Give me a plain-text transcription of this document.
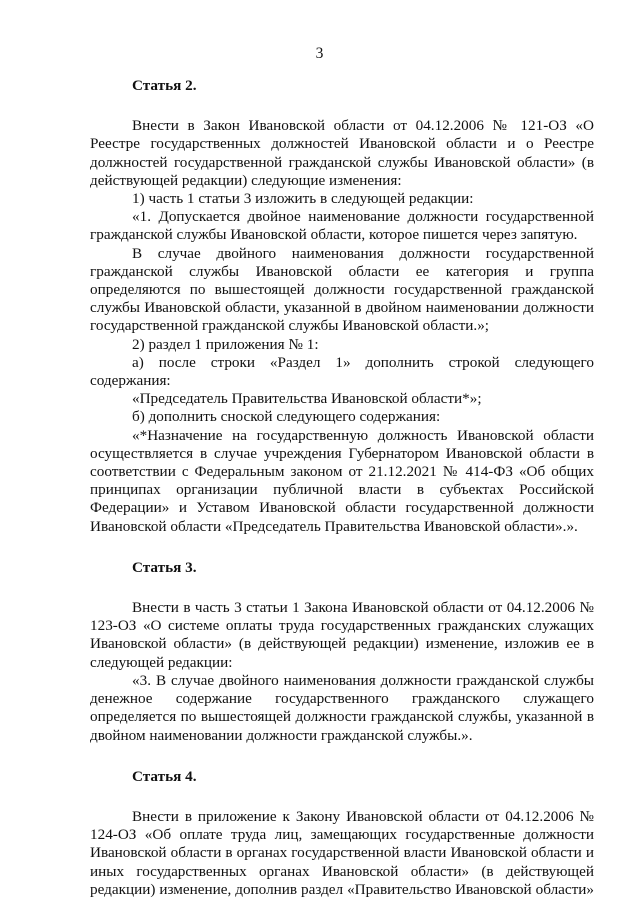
3

Статья 2.

Внести в Закон Ивановской области от 04.12.2006 № 121-ОЗ «О Реестре государственных должностей Ивановской области и о Реестре должностей государственной гражданской службы Ивановской области» (в действующей редакции) следующие изменения:

1) часть 1 статьи 3 изложить в следующей редакции:

«1. Допускается двойное наименование должности государственной гражданской службы Ивановской области, которое пишется через запятую.

В случае двойного наименования должности государственной гражданской службы Ивановской области ее категория и группа определяются по вышестоящей должности государственной гражданской службы Ивановской области, указанной в двойном наименовании должности государственной гражданской службы Ивановской области.»;

2) раздел 1 приложения № 1:

а) после строки «Раздел 1» дополнить строкой следующего содержания:

«Председатель Правительства Ивановской области*»;

б) дополнить сноской следующего содержания:

«*Назначение на государственную должность Ивановской области осуществляется в случае учреждения Губернатором Ивановской области в соответствии с Федеральным законом от 21.12.2021 № 414-ФЗ «Об общих принципах организации публичной власти в субъектах Российской Федерации» и Уставом Ивановской области государственной должности Ивановской области «Председатель Правительства Ивановской области».».

Статья 3.

Внести в часть 3 статьи 1 Закона Ивановской области от 04.12.2006 № 123-ОЗ «О системе оплаты труда государственных гражданских служащих Ивановской области» (в действующей редакции) изменение, изложив ее в следующей редакции:

«3. В случае двойного наименования должности гражданской службы денежное содержание государственного гражданского служащего определяется по вышестоящей должности гражданской службы, указанной в двойном наименовании должности гражданской службы.».

Статья 4.

Внести в приложение к Закону Ивановской области от 04.12.2006 № 124-ОЗ «Об оплате труда лиц, замещающих государственные должности Ивановской области в органах государственной власти Ивановской области и иных государственных органах Ивановской области» (в действующей редакции) изменение, дополнив раздел «Правительство Ивановской области»
